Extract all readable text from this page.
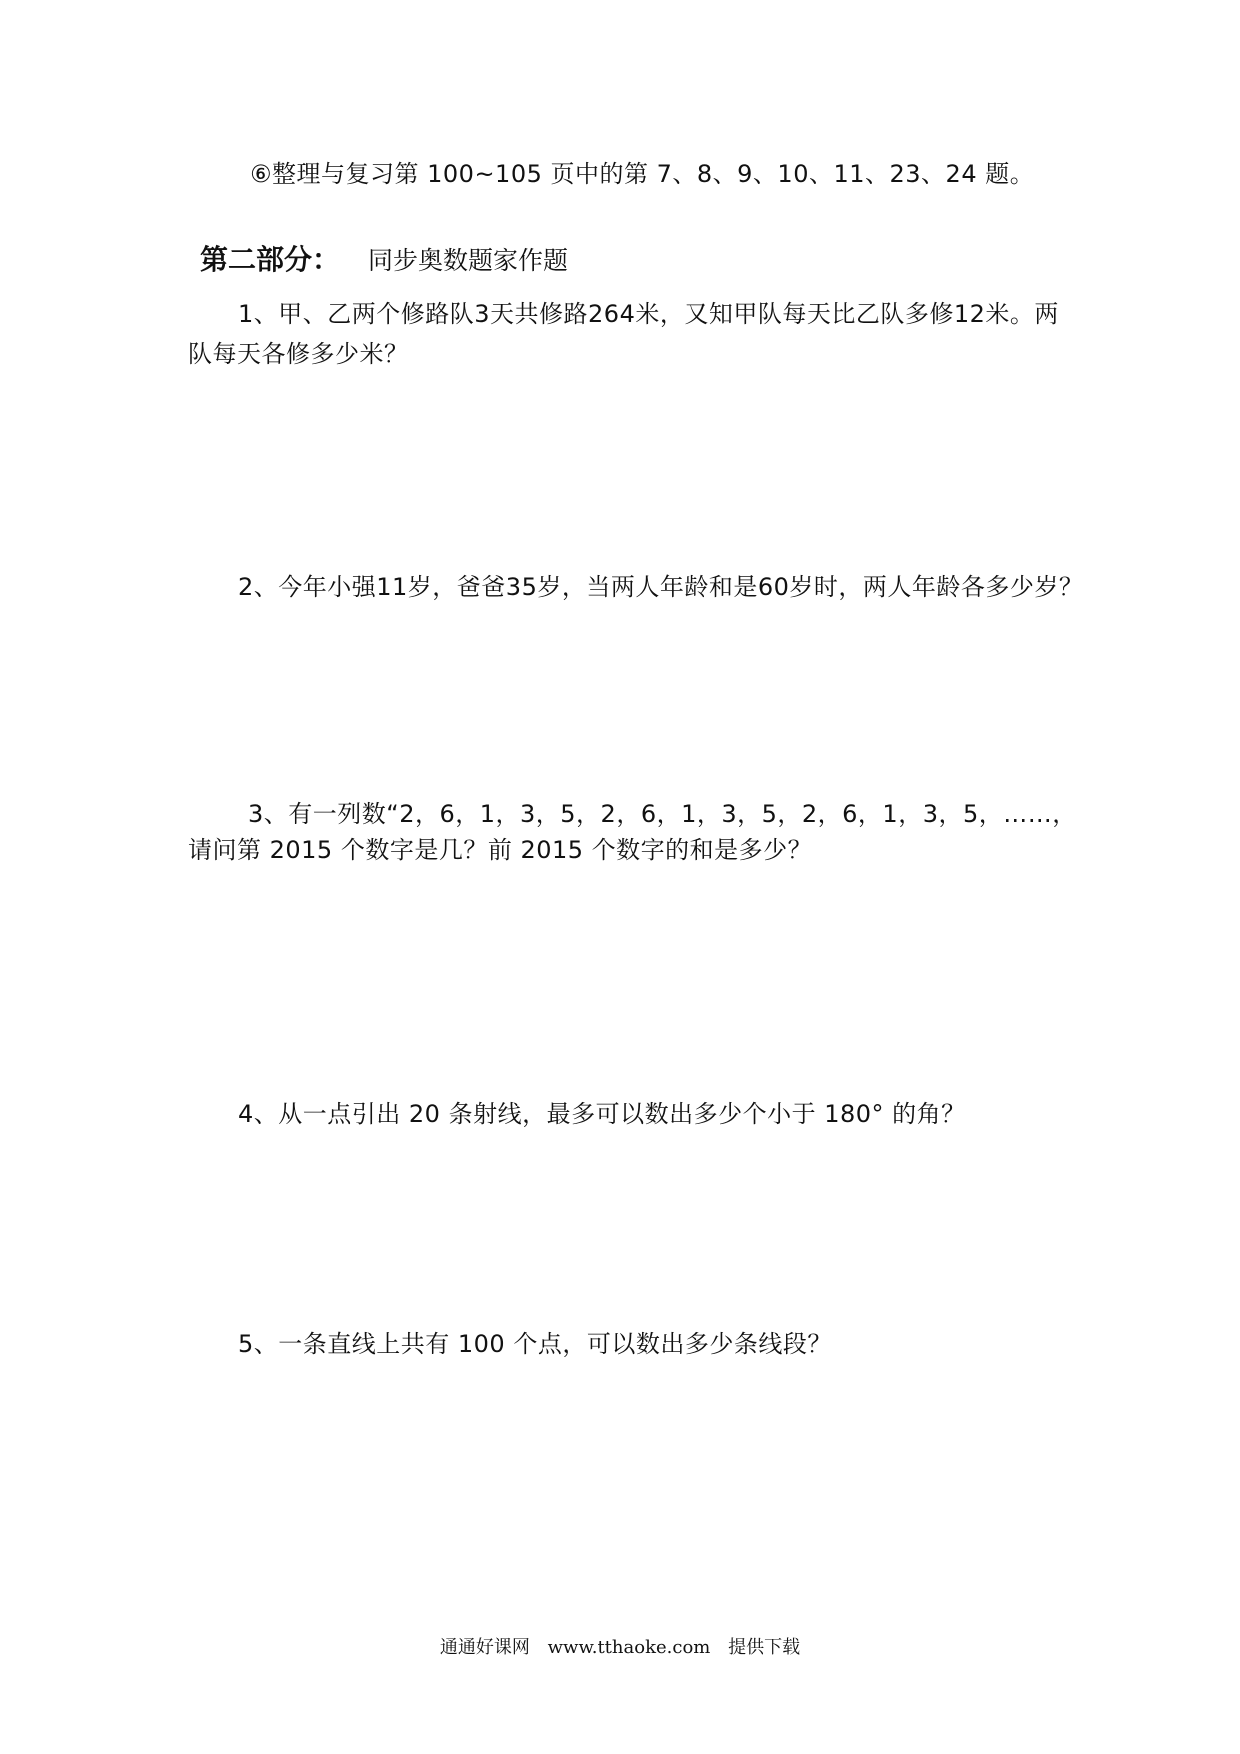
⑥整理与复习第 100~105 页中的第 7、8、9、10、11、23、24 题。
第二部分： 同步奥数题家作题
1、甲、乙两个修路队3天共修路264米，又知甲队每天比乙队多修12米。两
队每天各修多少米？
2、今年小强11岁，爸爸35岁，当两人年龄和是60岁时，两人年龄各多少岁？
3、有一列数“2，6，1，3，5，2，6，1，3，5，2，6，1，3，5，……，
请问第 2015 个数字是几？前 2015 个数字的和是多少？
4、从一点引出 20 条射线，最多可以数出多少个小于 180° 的角？
5、一条直线上共有 100 个点，可以数出多少条线段？
通通好课网 www.tthaoke.com 提供下载
